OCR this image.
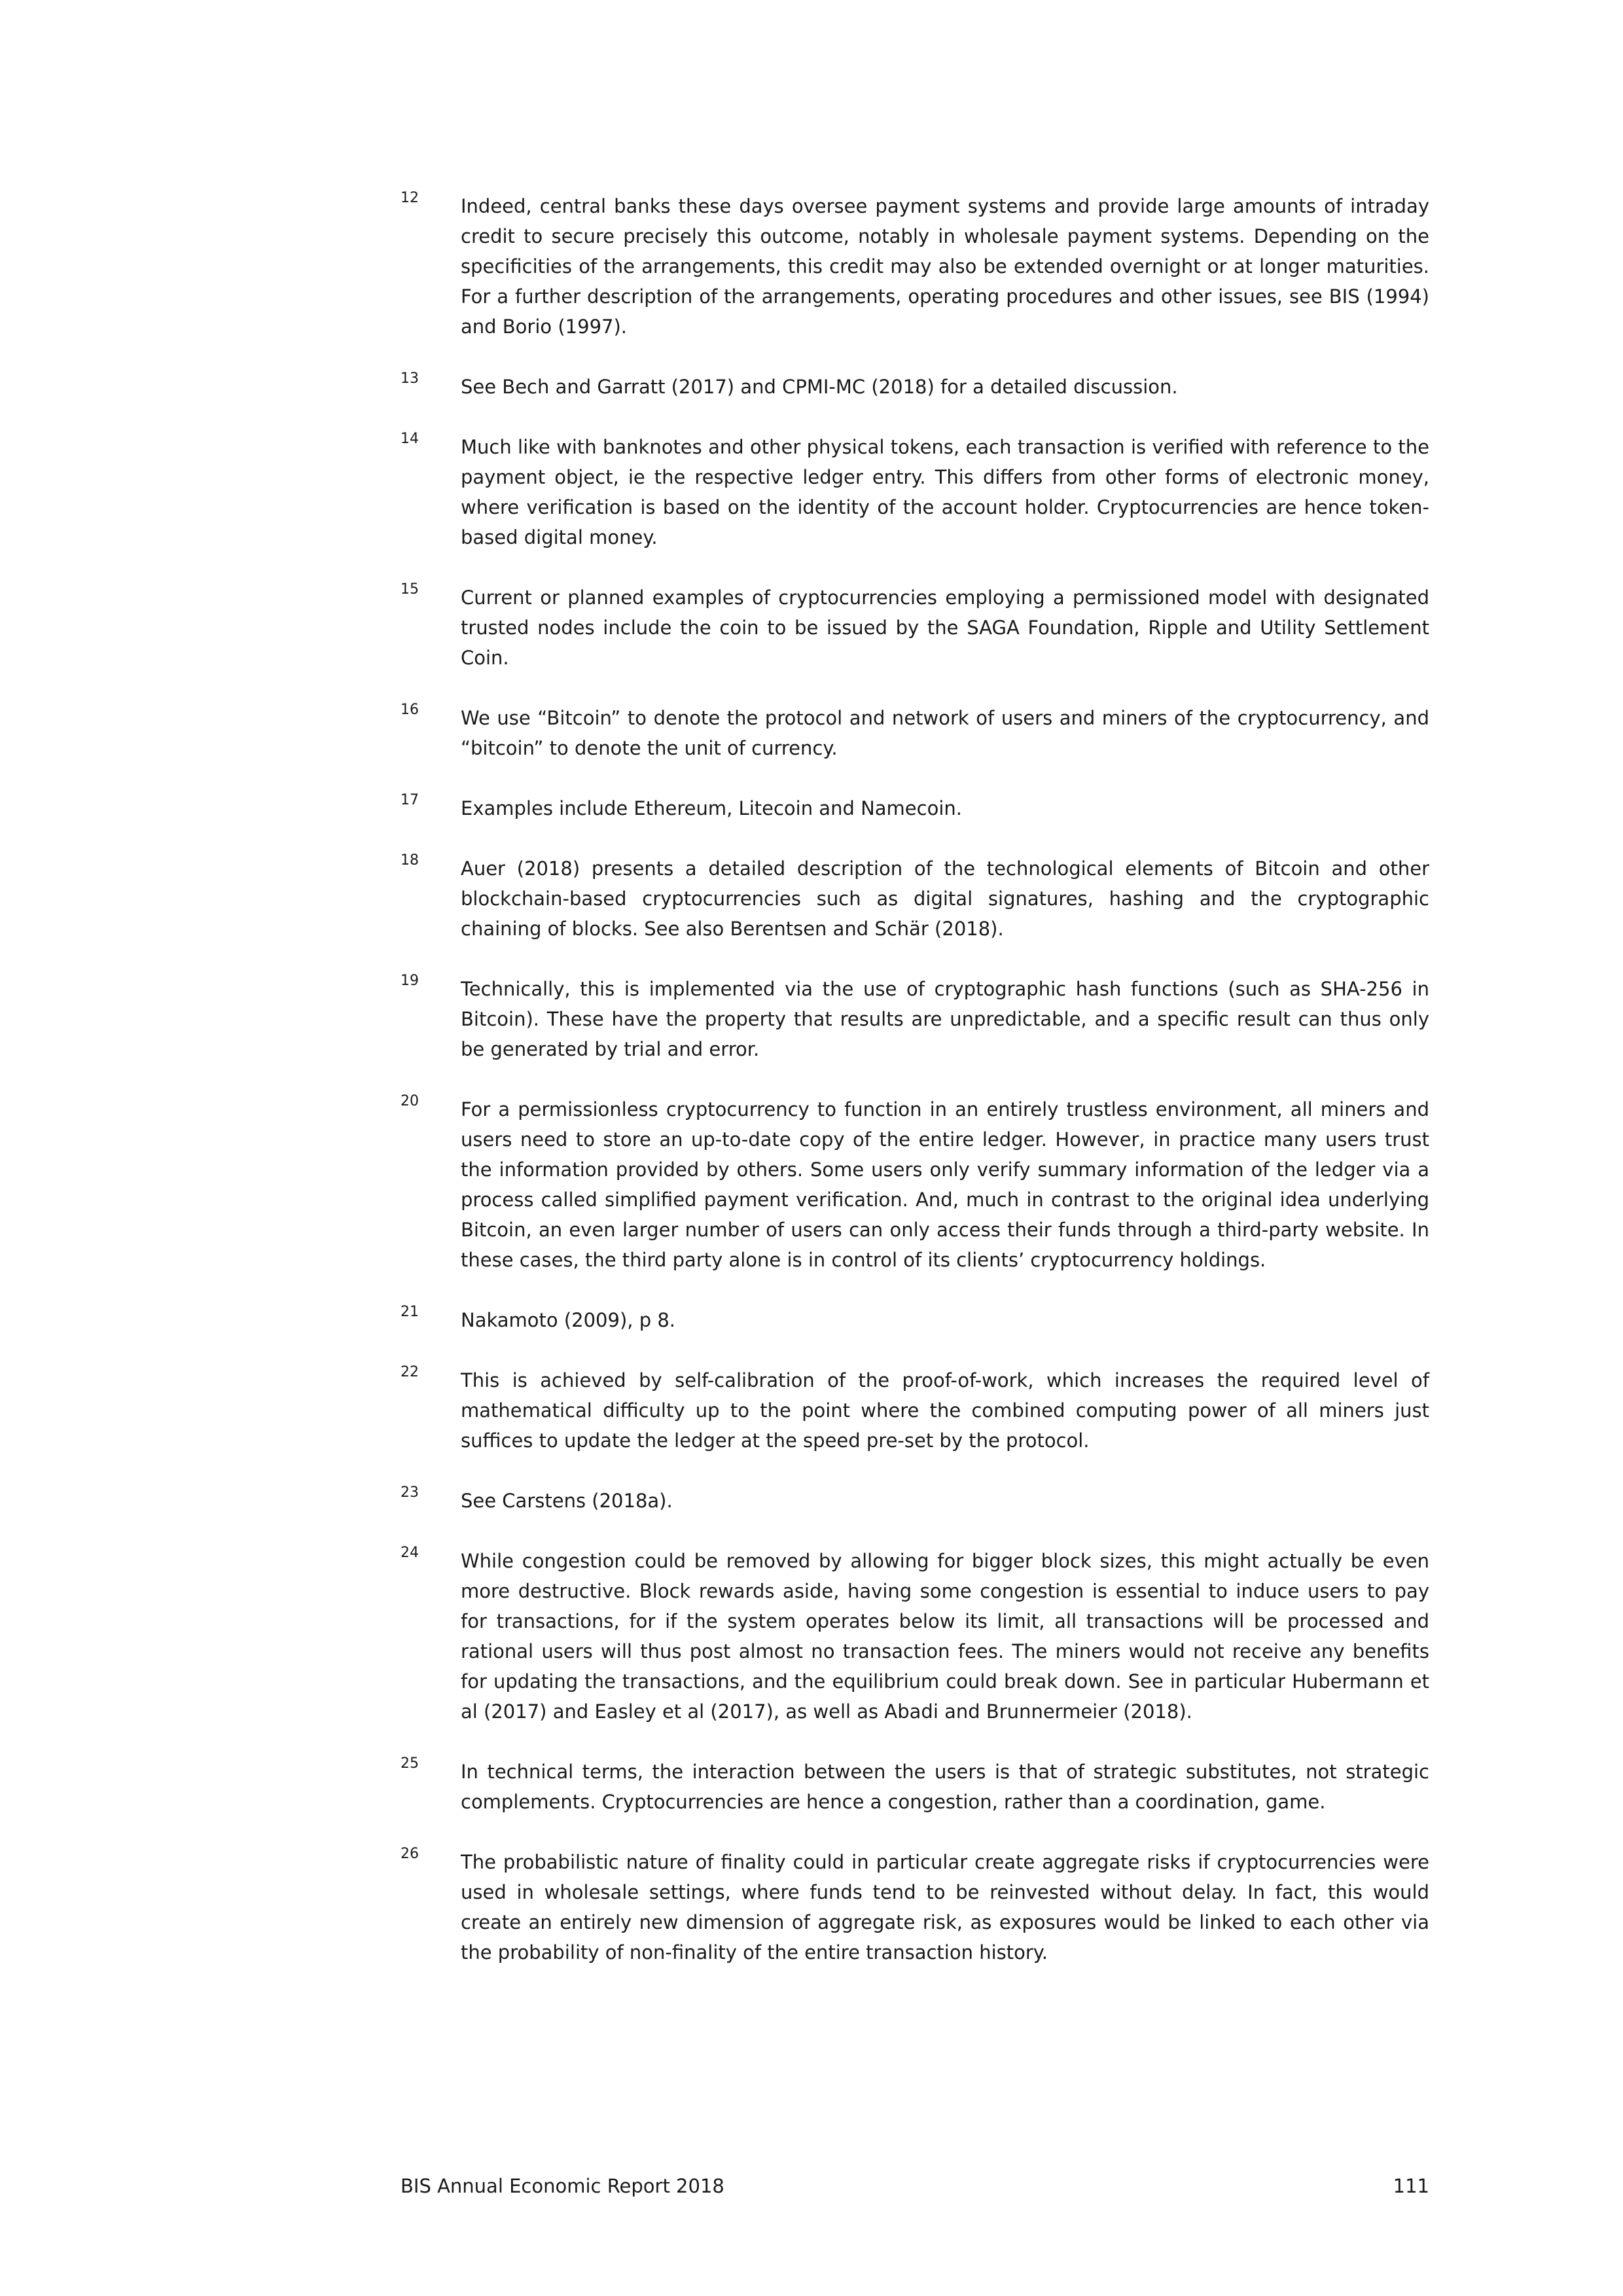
12 Indeed, central banks these days oversee payment systems and provide large amounts of intraday credit to secure precisely this outcome, notably in wholesale payment systems. Depending on the specificities of the arrangements, this credit may also be extended overnight or at longer maturities. For a further description of the arrangements, operating procedures and other issues, see BIS (1994) and Borio (1997).
13 See Bech and Garratt (2017) and CPMI-MC (2018) for a detailed discussion.
14 Much like with banknotes and other physical tokens, each transaction is verified with reference to the payment object, ie the respective ledger entry. This differs from other forms of electronic money, where verification is based on the identity of the account holder. Cryptocurrencies are hence token-based digital money.
15 Current or planned examples of cryptocurrencies employing a permissioned model with designated trusted nodes include the coin to be issued by the SAGA Foundation, Ripple and Utility Settlement Coin.
16 We use “Bitcoin” to denote the protocol and network of users and miners of the cryptocurrency, and “bitcoin” to denote the unit of currency.
17 Examples include Ethereum, Litecoin and Namecoin.
18 Auer (2018) presents a detailed description of the technological elements of Bitcoin and other blockchain-based cryptocurrencies such as digital signatures, hashing and the cryptographic chaining of blocks. See also Berentsen and Schär (2018).
19 Technically, this is implemented via the use of cryptographic hash functions (such as SHA-256 in Bitcoin). These have the property that results are unpredictable, and a specific result can thus only be generated by trial and error.
20 For a permissionless cryptocurrency to function in an entirely trustless environment, all miners and users need to store an up-to-date copy of the entire ledger. However, in practice many users trust the information provided by others. Some users only verify summary information of the ledger via a process called simplified payment verification. And, much in contrast to the original idea underlying Bitcoin, an even larger number of users can only access their funds through a third-party website. In these cases, the third party alone is in control of its clients’ cryptocurrency holdings.
21 Nakamoto (2009), p 8.
22 This is achieved by self-calibration of the proof-of-work, which increases the required level of mathematical difficulty up to the point where the combined computing power of all miners just suffices to update the ledger at the speed pre-set by the protocol.
23 See Carstens (2018a).
24 While congestion could be removed by allowing for bigger block sizes, this might actually be even more destructive. Block rewards aside, having some congestion is essential to induce users to pay for transactions, for if the system operates below its limit, all transactions will be processed and rational users will thus post almost no transaction fees. The miners would not receive any benefits for updating the transactions, and the equilibrium could break down. See in particular Hubermann et al (2017) and Easley et al (2017), as well as Abadi and Brunnermeier (2018).
25 In technical terms, the interaction between the users is that of strategic substitutes, not strategic complements. Cryptocurrencies are hence a congestion, rather than a coordination, game.
26 The probabilistic nature of finality could in particular create aggregate risks if cryptocurrencies were used in wholesale settings, where funds tend to be reinvested without delay. In fact, this would create an entirely new dimension of aggregate risk, as exposures would be linked to each other via the probability of non-finality of the entire transaction history.
BIS Annual Economic Report 2018	111
